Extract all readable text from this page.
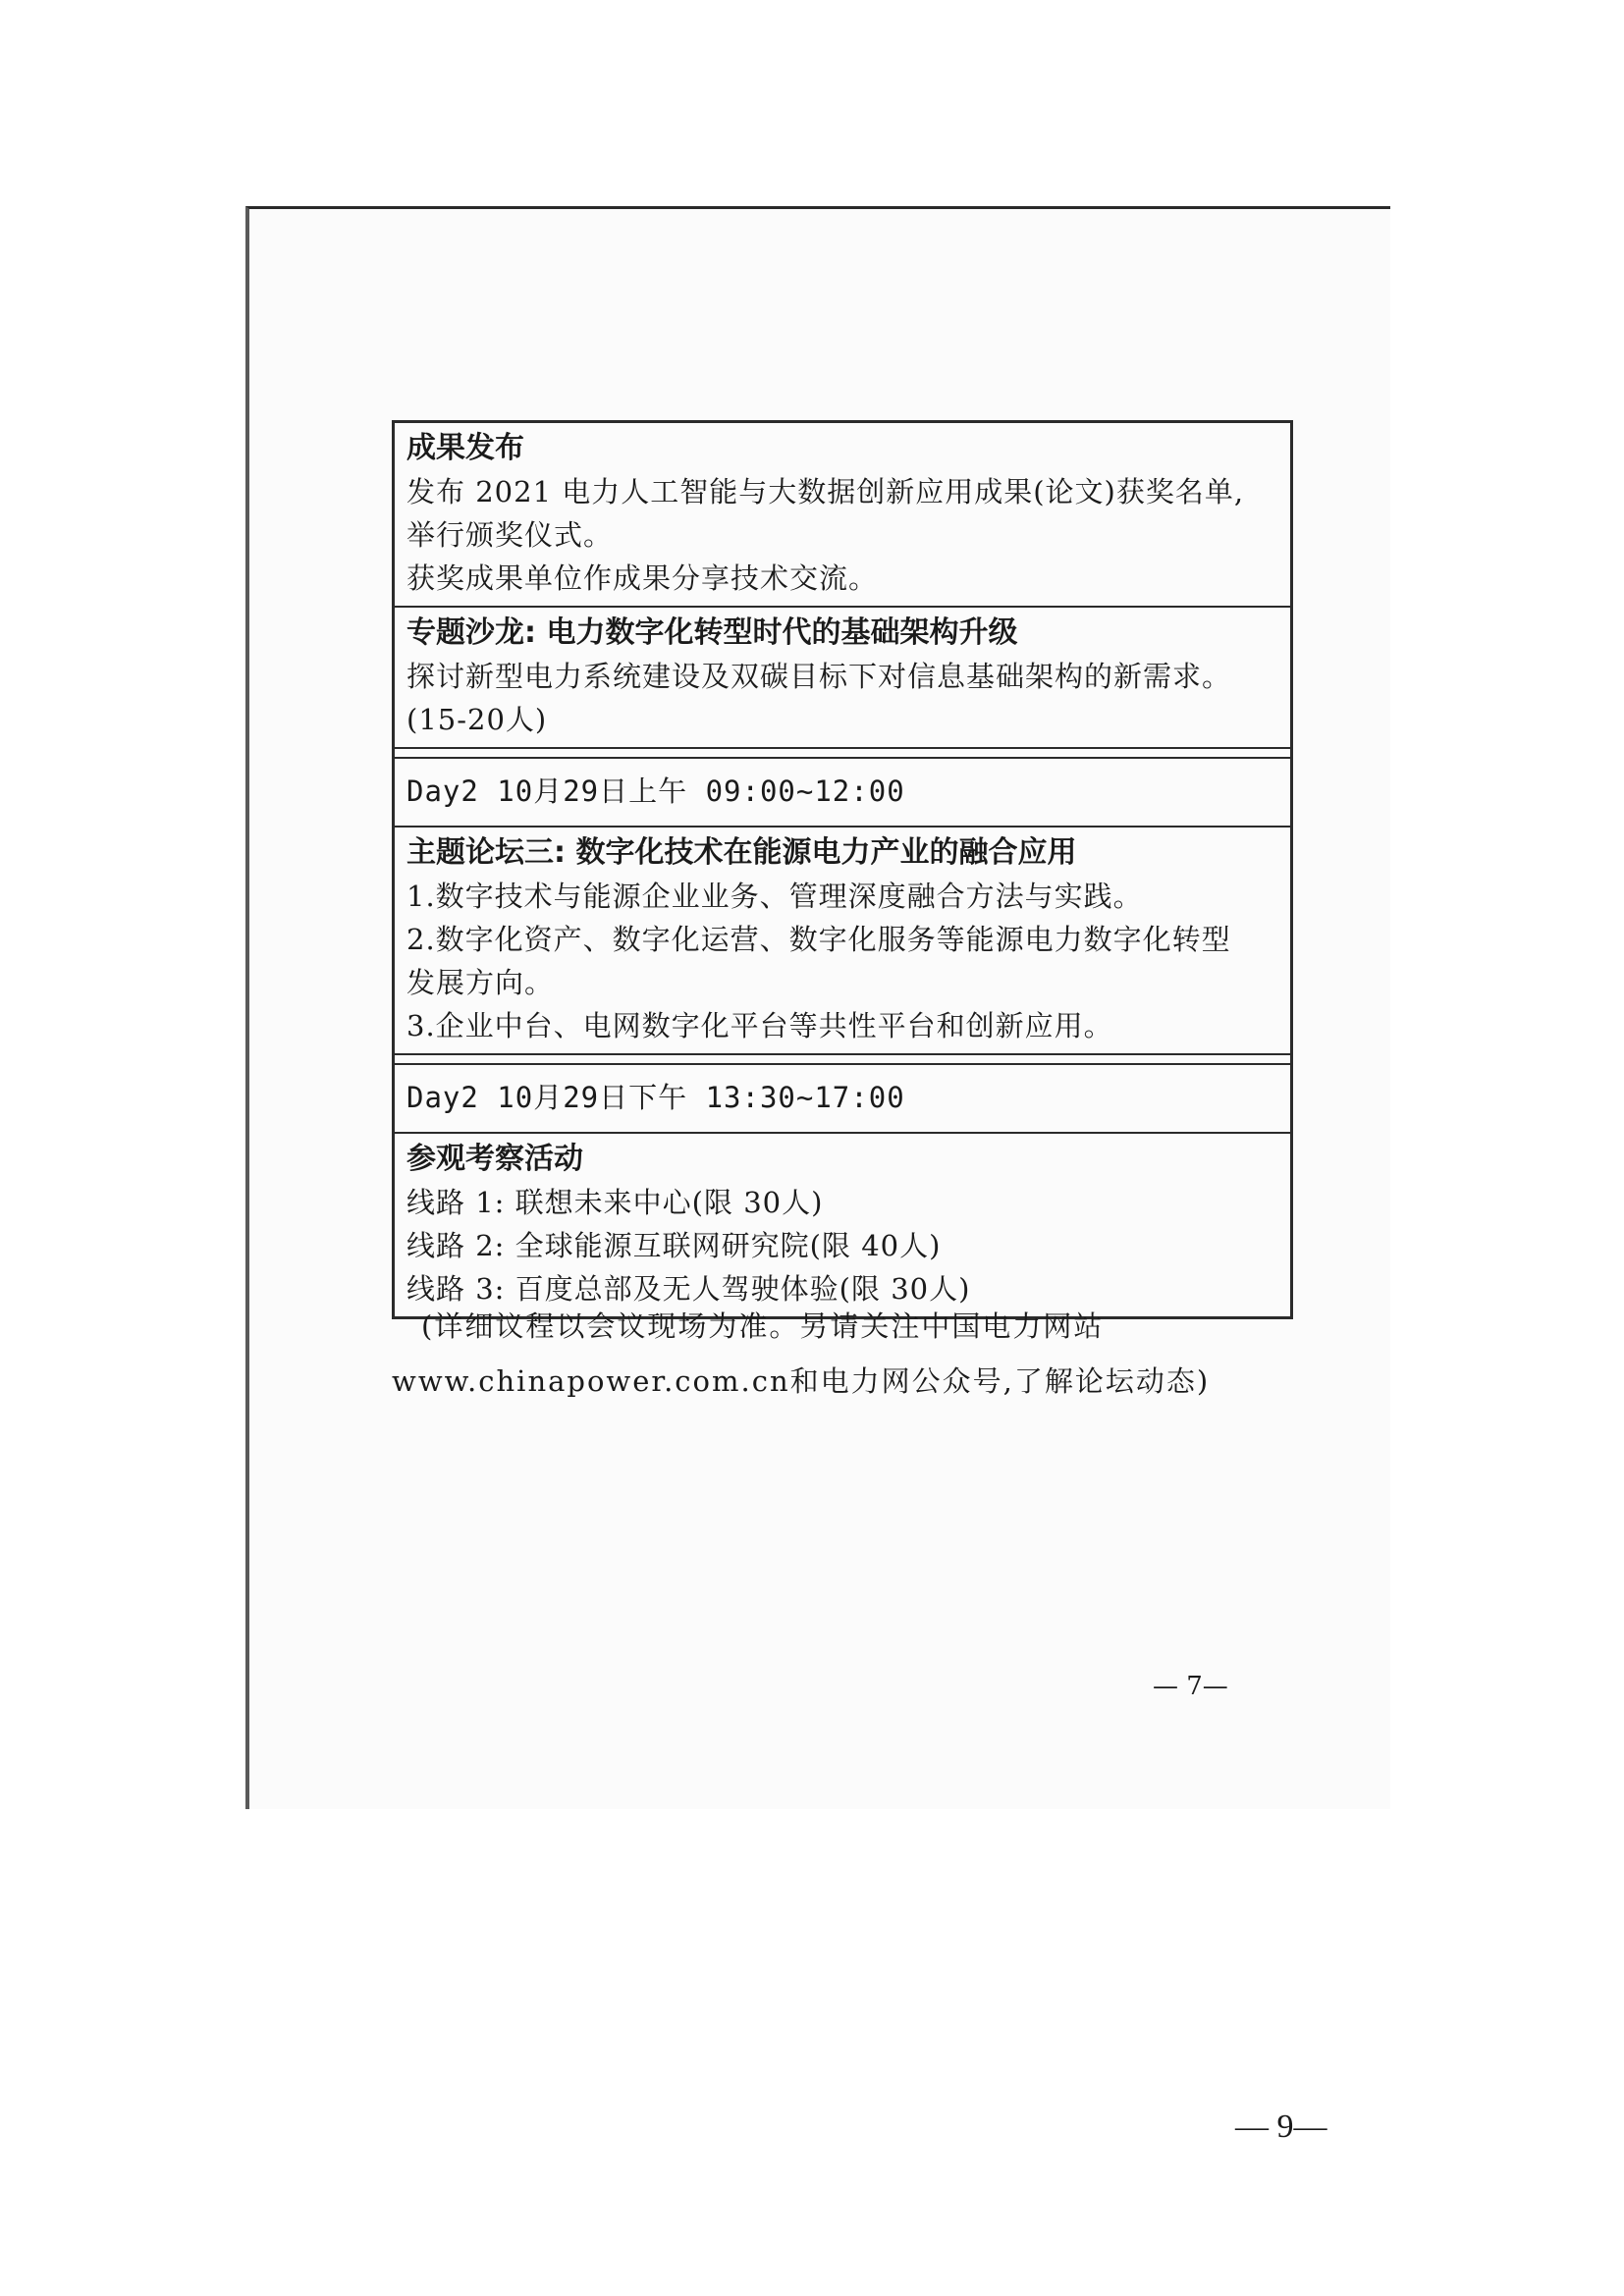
成果发布
发布 2021 电力人工智能与大数据创新应用成果(论文)获奖名单,
举行颁奖仪式。
获奖成果单位作成果分享技术交流。
专题沙龙: 电力数字化转型时代的基础架构升级
探讨新型电力系统建设及双碳目标下对信息基础架构的新需求。
(15-20人)
Day2 10月29日上午 09:00~12:00
主题论坛三: 数字化技术在能源电力产业的融合应用
1.数字技术与能源企业业务、管理深度融合方法与实践。
2.数字化资产、数字化运营、数字化服务等能源电力数字化转型
发展方向。
3.企业中台、电网数字化平台等共性平台和创新应用。
Day2 10月29日下午 13:30~17:00
参观考察活动
线路 1: 联想未来中心(限 30人)
线路 2: 全球能源互联网研究院(限 40人)
线路 3: 百度总部及无人驾驶体验(限 30人)
(详细议程以会议现场为准。另请关注中国电力网站
www.chinapower.com.cn和电力网公众号,了解论坛动态)
— 7—
— 9—
